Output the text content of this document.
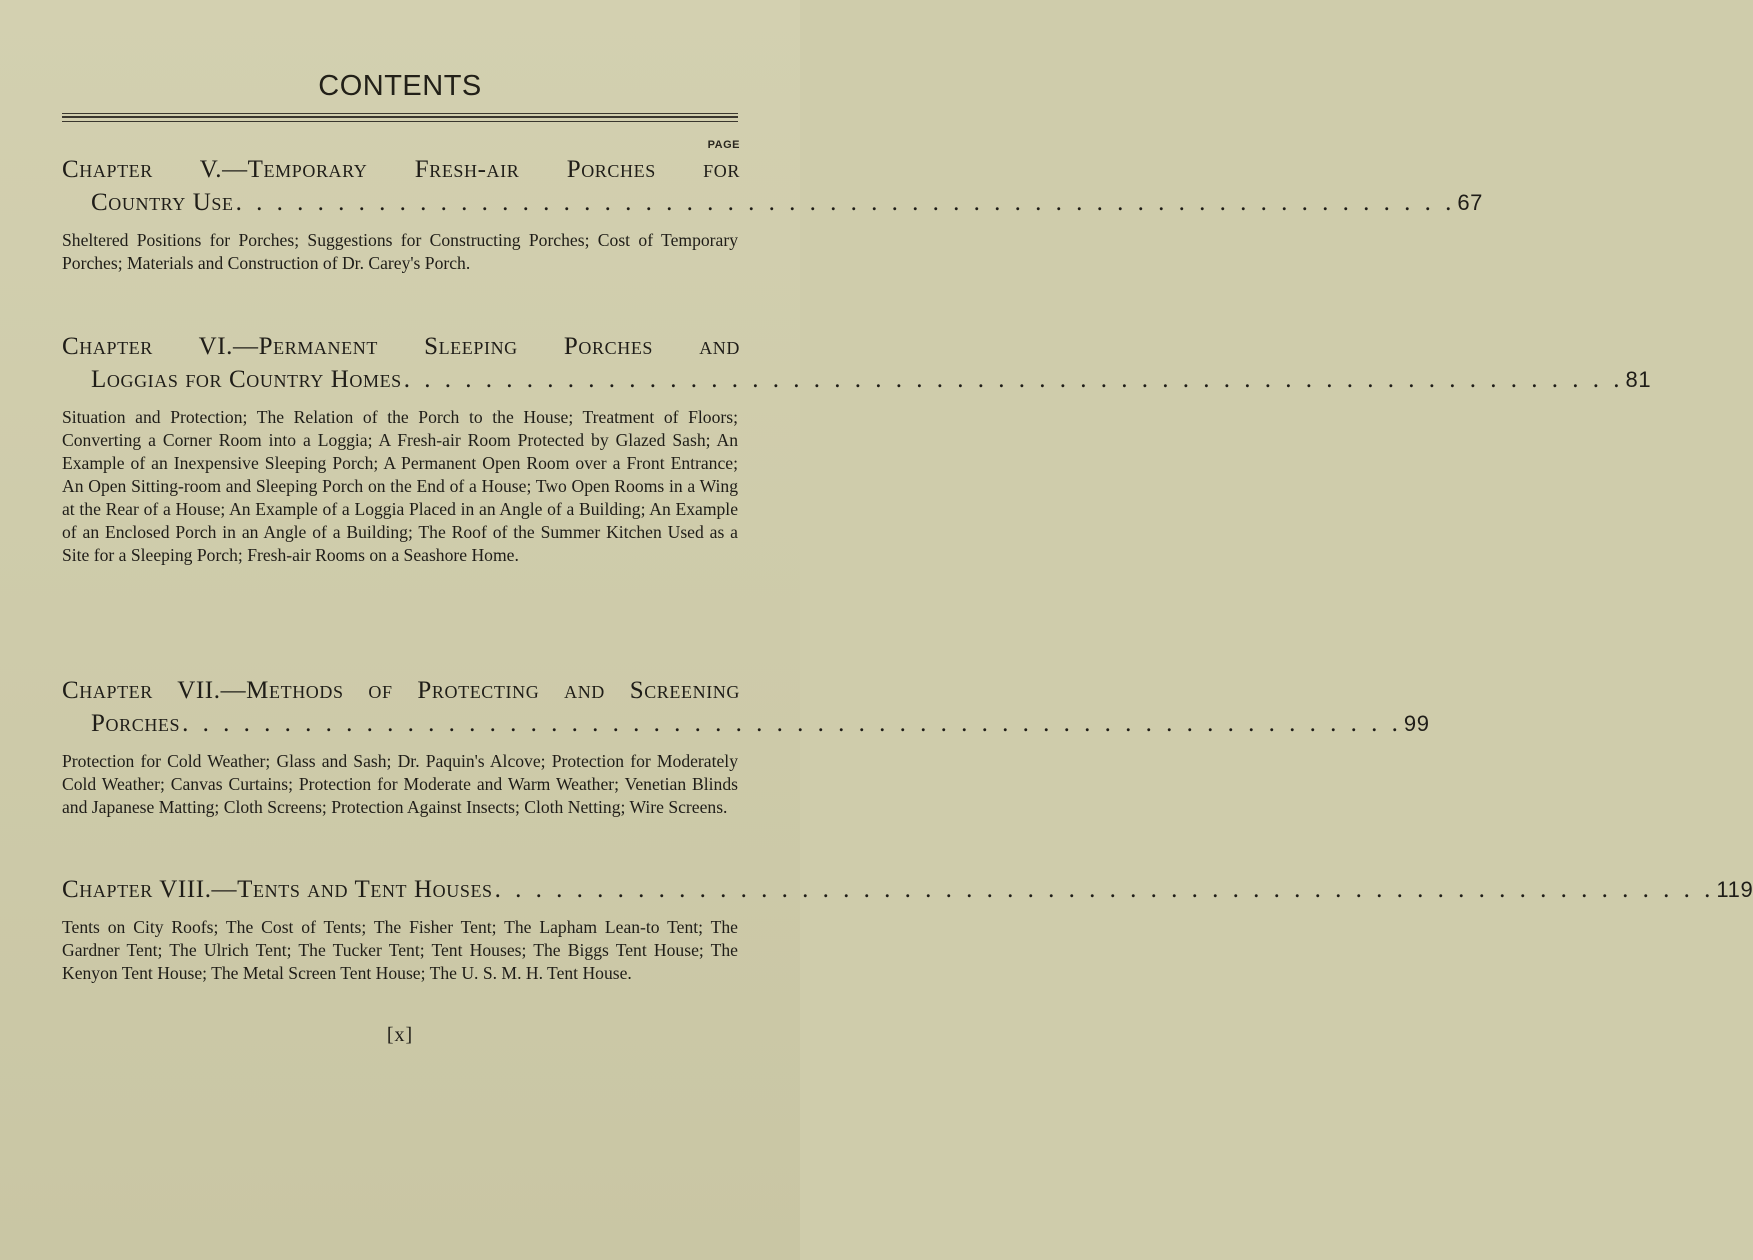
CONTENTS
PAGE
Chapter V.—Temporary Fresh-air Porches for
Country Use . . . . . . . . . . . . . . . . . . . . . . . . . . . . . . . . . . . . . . . . . . . . . . . . . . . . . . . . . . . . 67
Sheltered Positions for Porches; Suggestions for Constructing Porches; Cost of Temporary Porches; Materials and Construction of Dr. Carey's Porch.
Chapter VI.—Permanent Sleeping Porches and
Loggias for Country Homes . . . . . . . . . . . . . . . . . . . . . . . . . . . . . . . . . . . . . . . . . . . . . . . . . . . . . . . . . . . . 81
Situation and Protection; The Relation of the Porch to the House; Treatment of Floors; Converting a Corner Room into a Loggia; A Fresh-air Room Protected by Glazed Sash; An Example of an Inexpensive Sleeping Porch; A Permanent Open Room over a Front Entrance; An Open Sitting-room and Sleeping Porch on the End of a House; Two Open Rooms in a Wing at the Rear of a House; An Example of a Loggia Placed in an Angle of a Building; An Example of an Enclosed Porch in an Angle of a Building; The Roof of the Summer Kitchen Used as a Site for a Sleeping Porch; Fresh-air Rooms on a Seashore Home.
Chapter VII.—Methods of Protecting and Screening
Porches . . . . . . . . . . . . . . . . . . . . . . . . . . . . . . . . . . . . . . . . . . . . . . . . . . . . . . . . . . . . 99
Protection for Cold Weather; Glass and Sash; Dr. Paquin's Alcove; Protection for Moderately Cold Weather; Canvas Curtains; Protection for Moderate and Warm Weather; Venetian Blinds and Japanese Matting; Cloth Screens; Protection Against Insects; Cloth Netting; Wire Screens.
Chapter VIII.—Tents and Tent Houses . . . . . . . . . . . . . . . . . . . . . . . . . . . . . . . . . . . . . . . . . . . . . . . . . . . . . . . . . . . . 119
Tents on City Roofs; The Cost of Tents; The Fisher Tent; The Lapham Lean-to Tent; The Gardner Tent; The Ulrich Tent; The Tucker Tent; Tent Houses; The Biggs Tent House; The Kenyon Tent House; The Metal Screen Tent House; The U. S. M. H. Tent House.
[x]
